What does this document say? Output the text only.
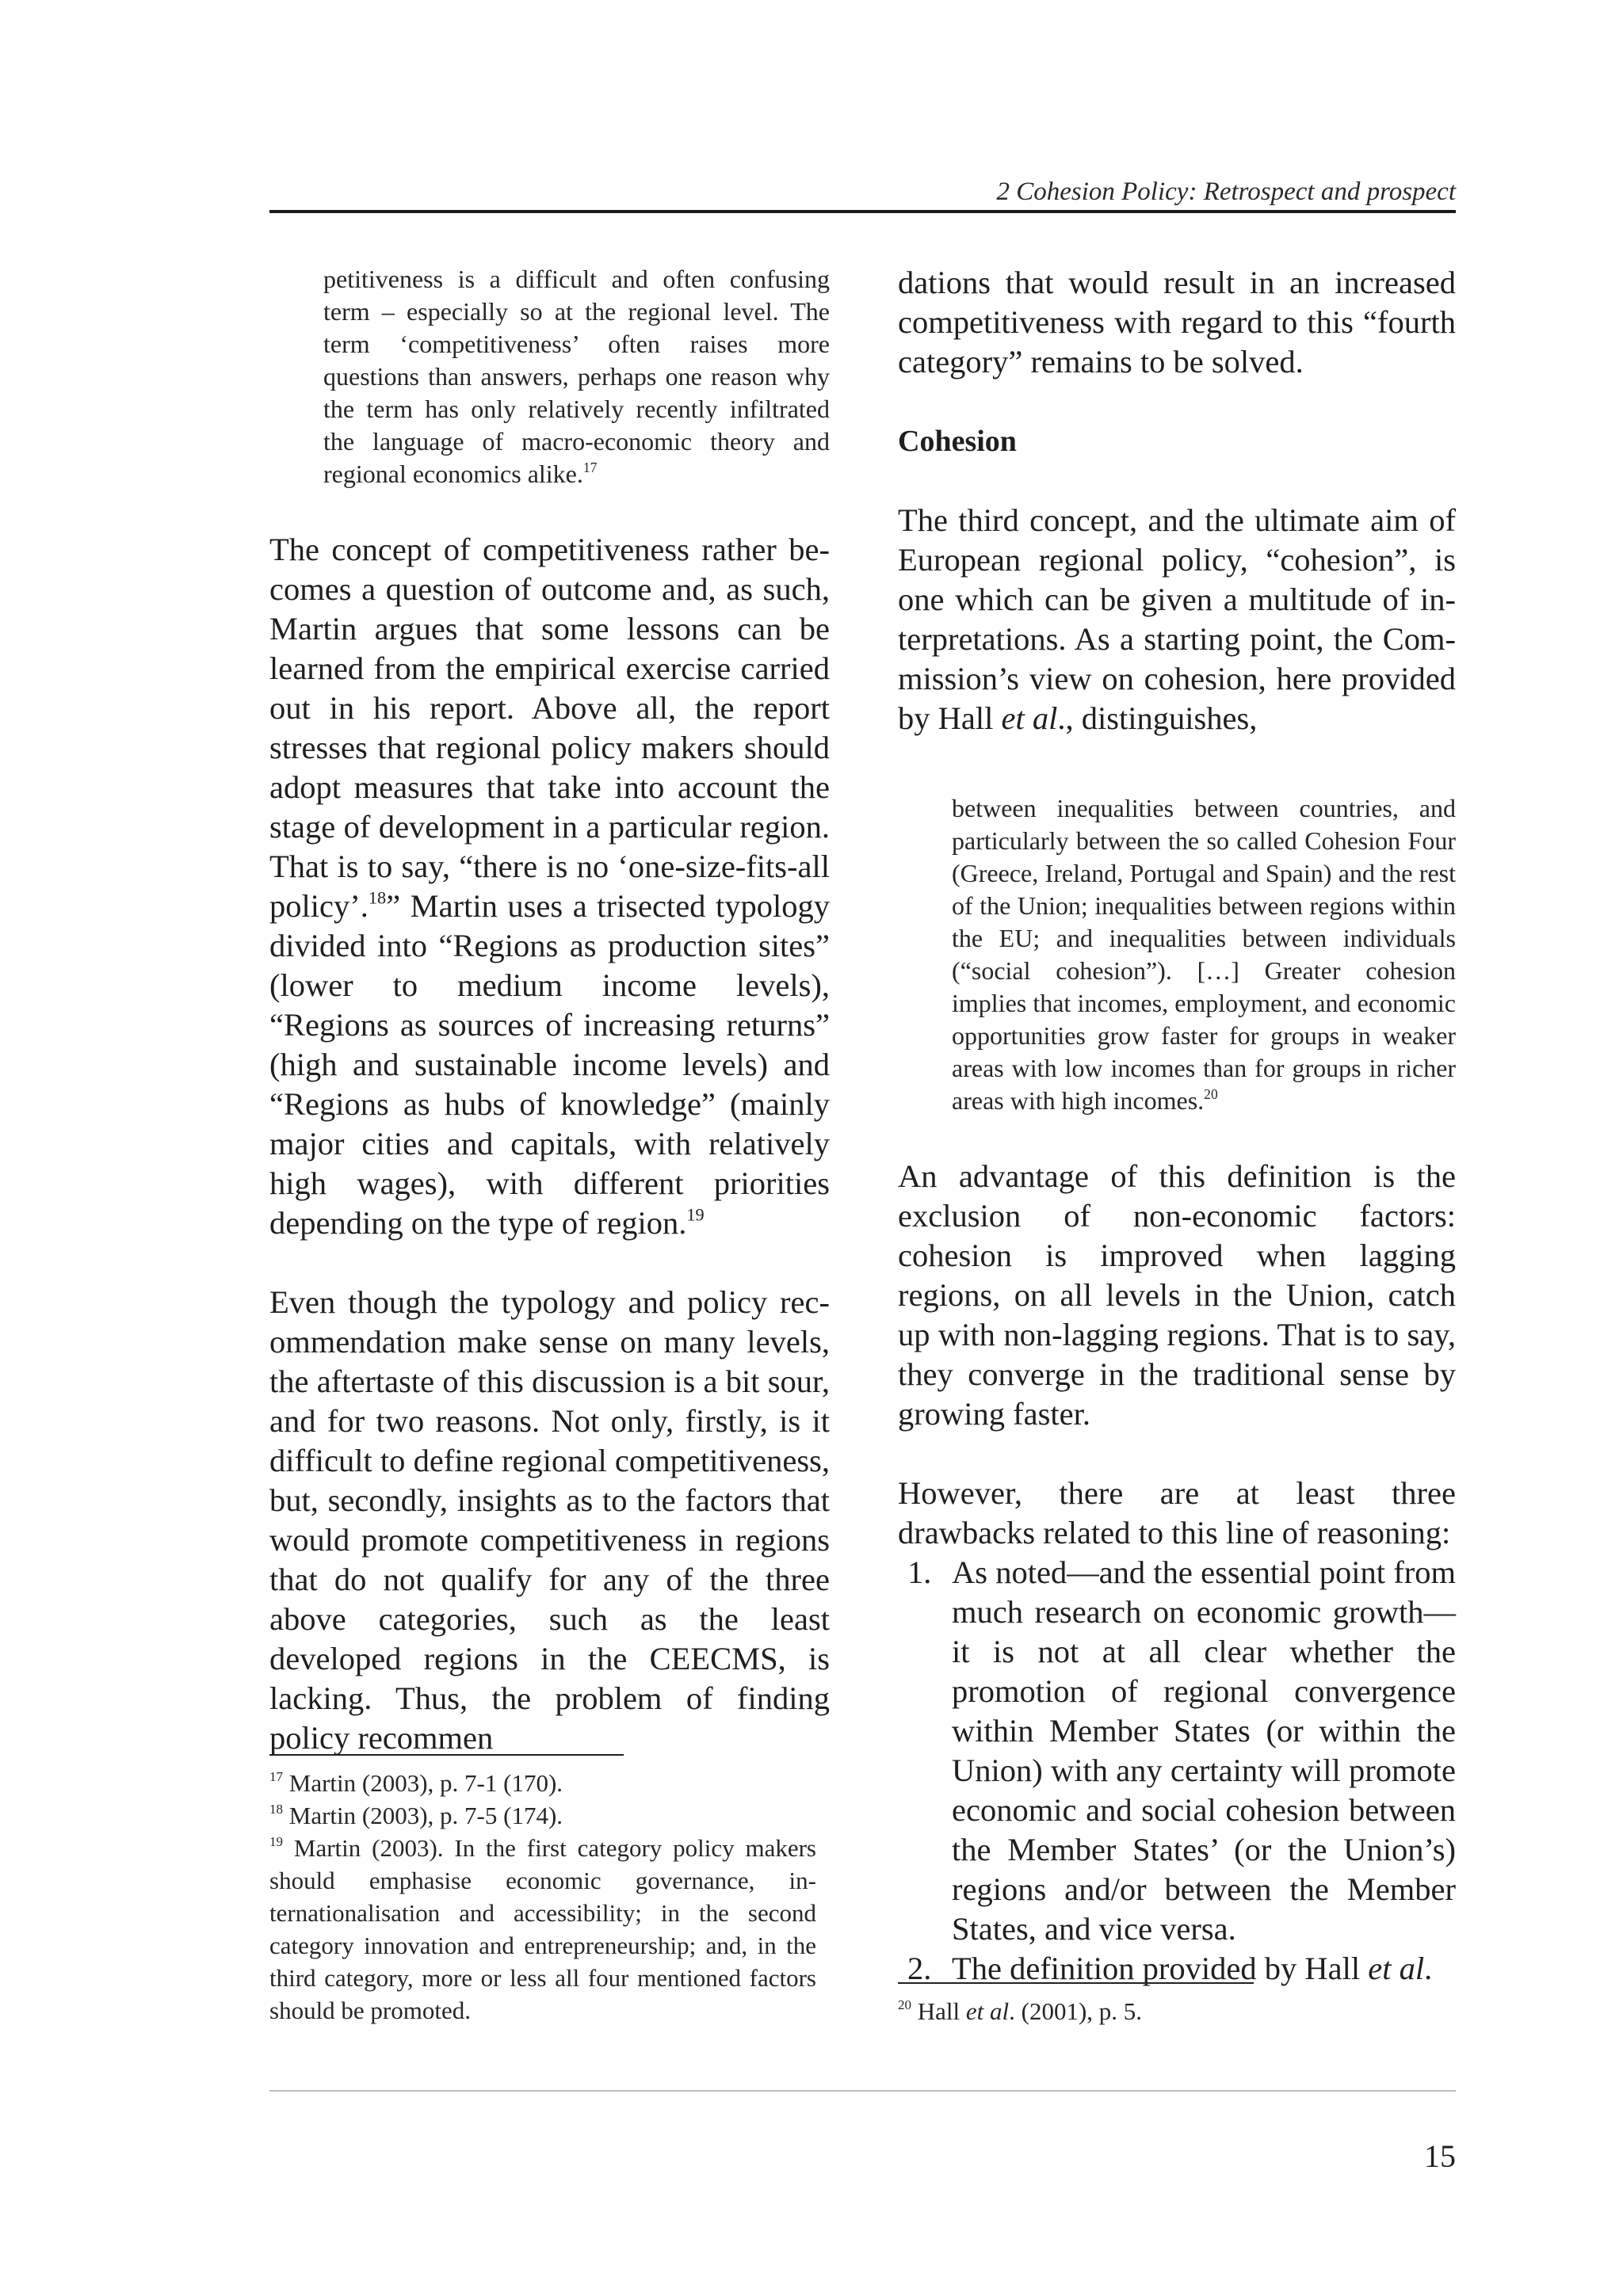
2 Cohesion Policy: Retrospect and prospect
petitiveness is a difficult and often confusing term – especially so at the regional level. The term ‘competitiveness’ often raises more questions than answers, perhaps one reason why the term has only relatively recently infiltrated the language of macro-economic theory and regional economics alike.$^{17}$

The concept of competitiveness rather becomes a question of outcome and, as such, Martin argues that some lessons can be learned from the empirical exercise carried out in his report. Above all, the report stresses that regional policy makers should adopt measures that take into account the stage of development in a particular region. That is to say, “there is no ‘one-size-fits-all policy’.$^{18}$” Martin uses a trisected typology divided into “Regions as production sites” (lower to medium income levels), “Regions as sources of increasing returns” (high and sustainable income levels) and “Regions as hubs of knowledge” (mainly major cities and capitals, with relatively high wages), with different priorities depending on the type of region.$^{19}$

Even though the typology and policy recommendation make sense on many levels, the aftertaste of this discussion is a bit sour, and for two reasons. Not only, firstly, is it difficult to define regional competitiveness, but, secondly, insights as to the factors that would promote competitiveness in regions that do not qualify for any of the three above categories, such as the least developed regions in the CEECMS, is lacking. Thus, the problem of finding policy recommen

$^{17}$ Martin (2003), p. 7-1 (170).

$^{18}$ Martin (2003), p. 7-5 (174).

$^{19}$ Martin (2003). In the first category policy makers should emphasise economic governance, internationalisation and accessibility; in the second category innovation and entrepreneurship; and, in the third category, more or less all four mentioned factors should be promoted.

dations that would result in an increased competitiveness with regard to this “fourth category” remains to be solved.

Cohesion

The third concept, and the ultimate aim of European regional policy, “cohesion”, is one which can be given a multitude of interpretations. As a starting point, the Commission’s view on cohesion, here provided by Hall et al., distinguishes,

between inequalities between countries, and particularly between the so called Cohesion Four (Greece, Ireland, Portugal and Spain) and the rest of the Union; inequalities between regions within the EU; and inequalities between individuals (“social cohesion”). […] Greater cohesion implies that incomes, employment, and economic opportunities grow faster for groups in weaker areas with low incomes than for groups in richer areas with high incomes.$^{20}$

An advantage of this definition is the exclusion of non-economic factors: cohesion is improved when lagging regions, on all levels in the Union, catch up with non-lagging regions. That is to say, they converge in the traditional sense by growing faster.

However, there are at least three drawbacks related to this line of reasoning:

1. As noted—and the essential point from much research on economic growth—it is not at all clear whether the promotion of regional convergence within Member States (or within the Union) with any certainty will promote economic and social cohesion between the Member States’ (or the Union’s) regions and/or between the Member States, and vice versa.
2. The definition provided by Hall et al.

$^{20}$ Hall et al. (2001), p. 5.

15
